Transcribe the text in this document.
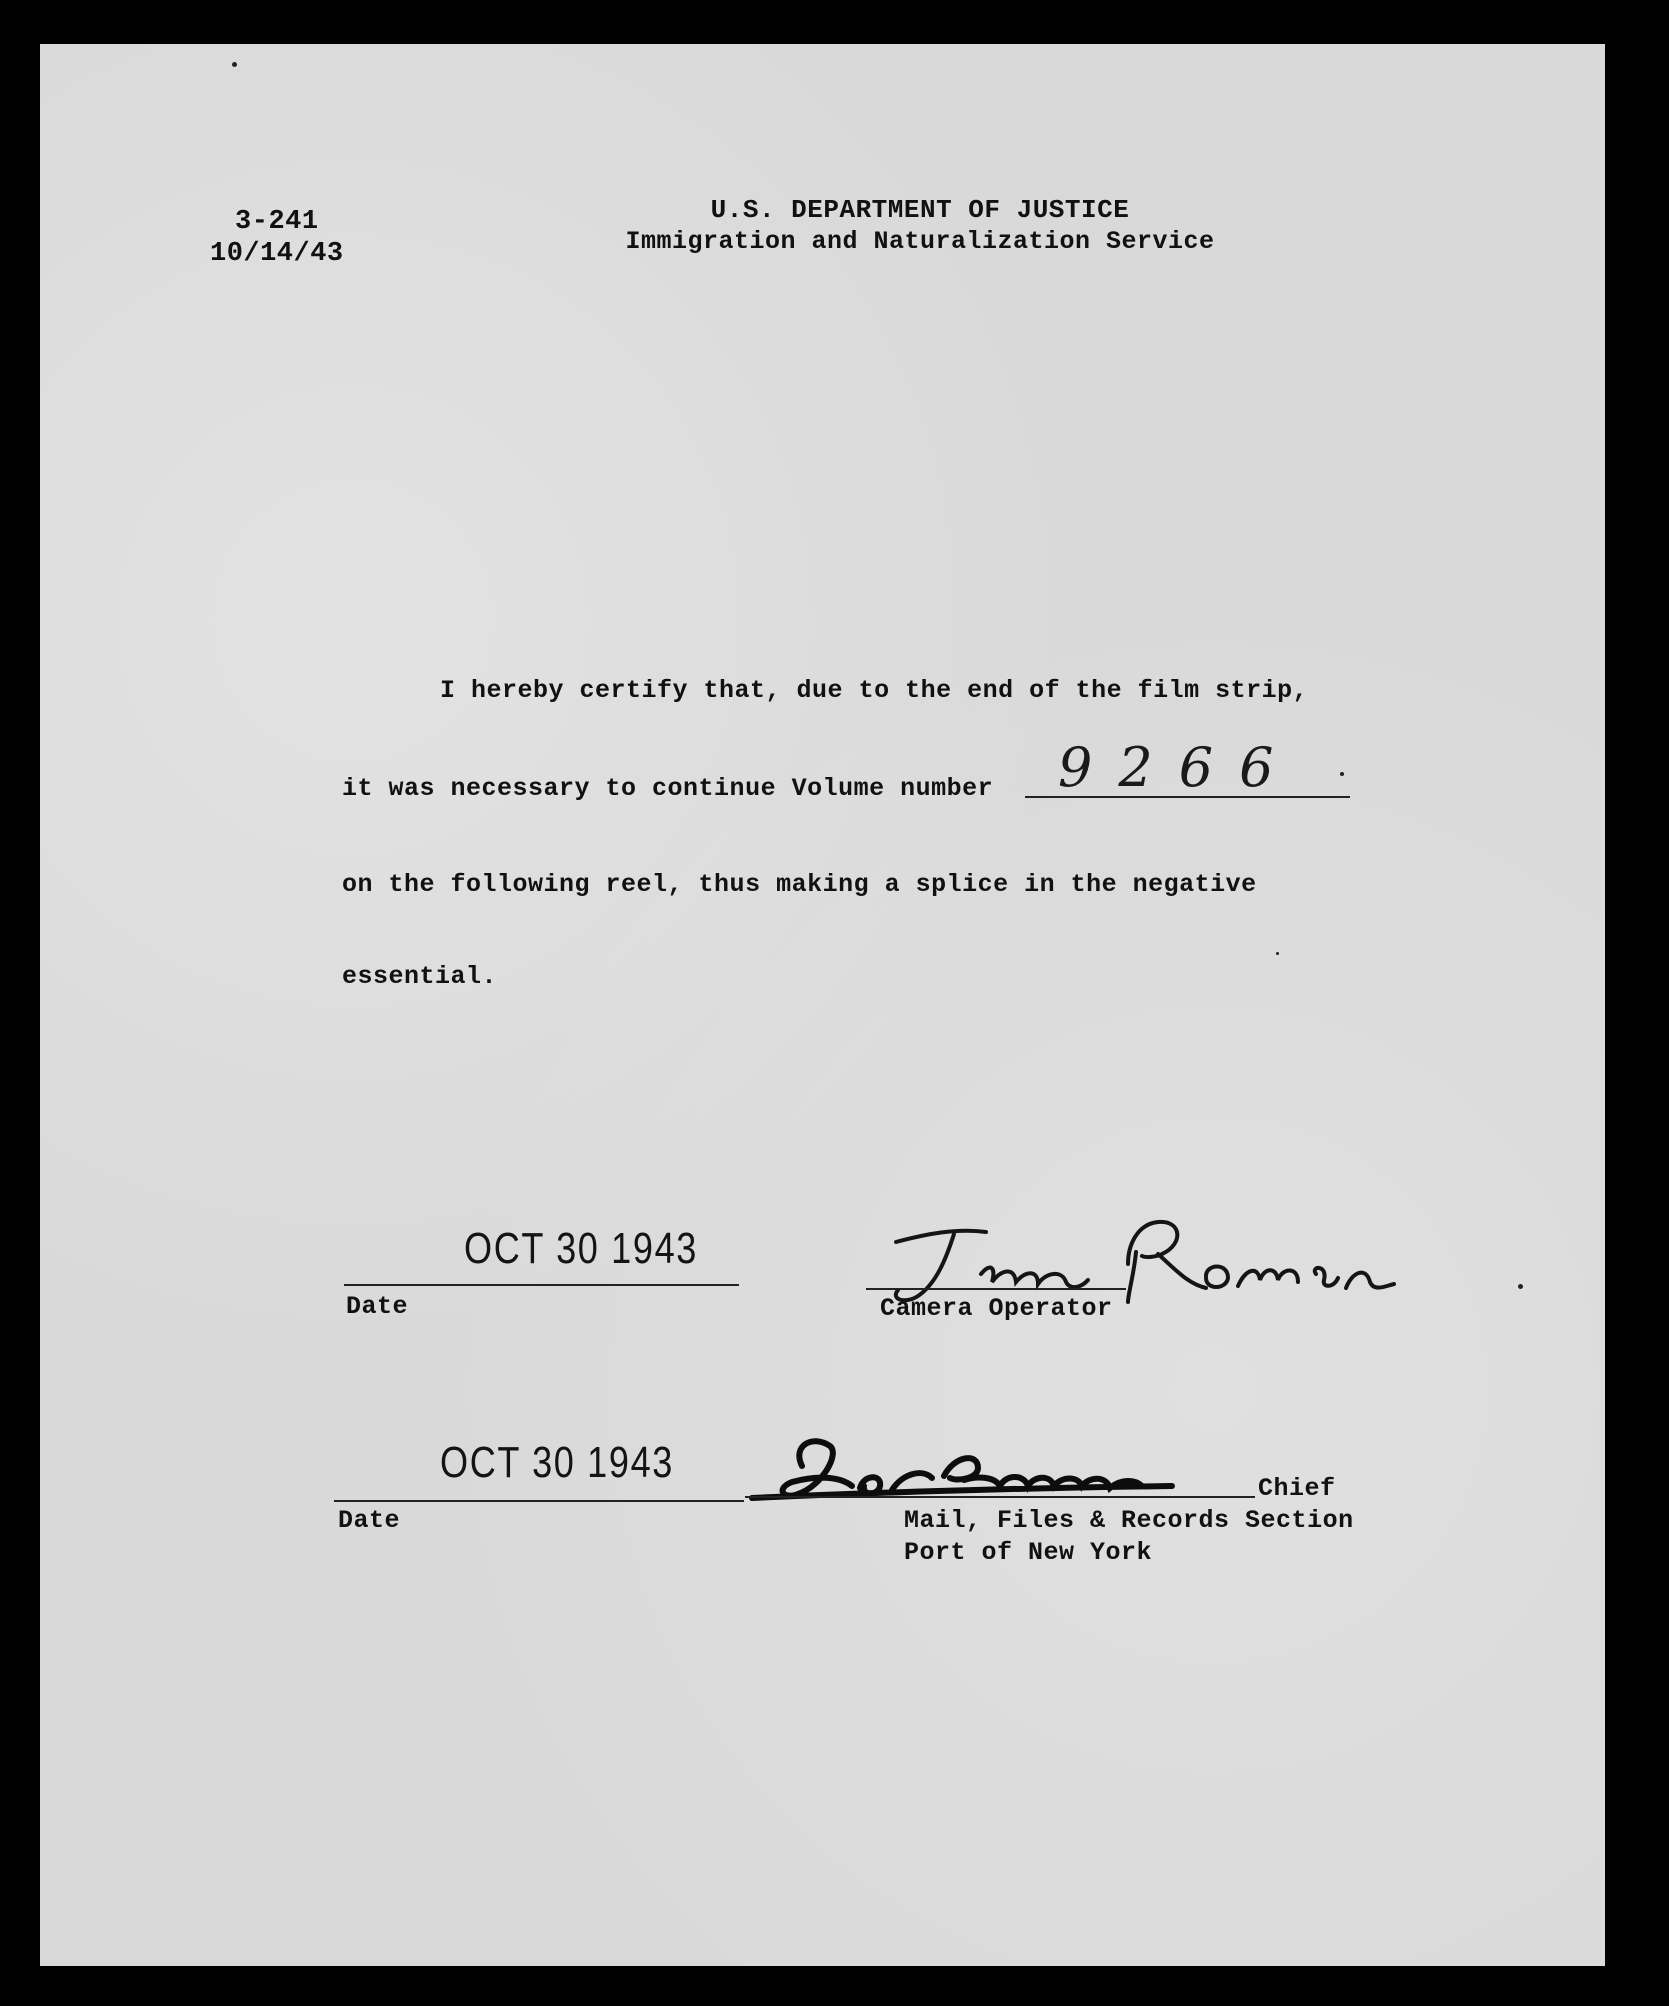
3-241
10/14/43
U.S. DEPARTMENT OF JUSTICE
Immigration and Naturalization Service
I hereby certify that, due to the end of the film strip,
it was necessary to continue Volume number 9266
on the following reel, thus making a splice in the negative
essential.
OCT 30 1943
Date	Camera Operator
OCT 30 1943
Date
Chief
Mail, Files & Records Section
Port of New York
